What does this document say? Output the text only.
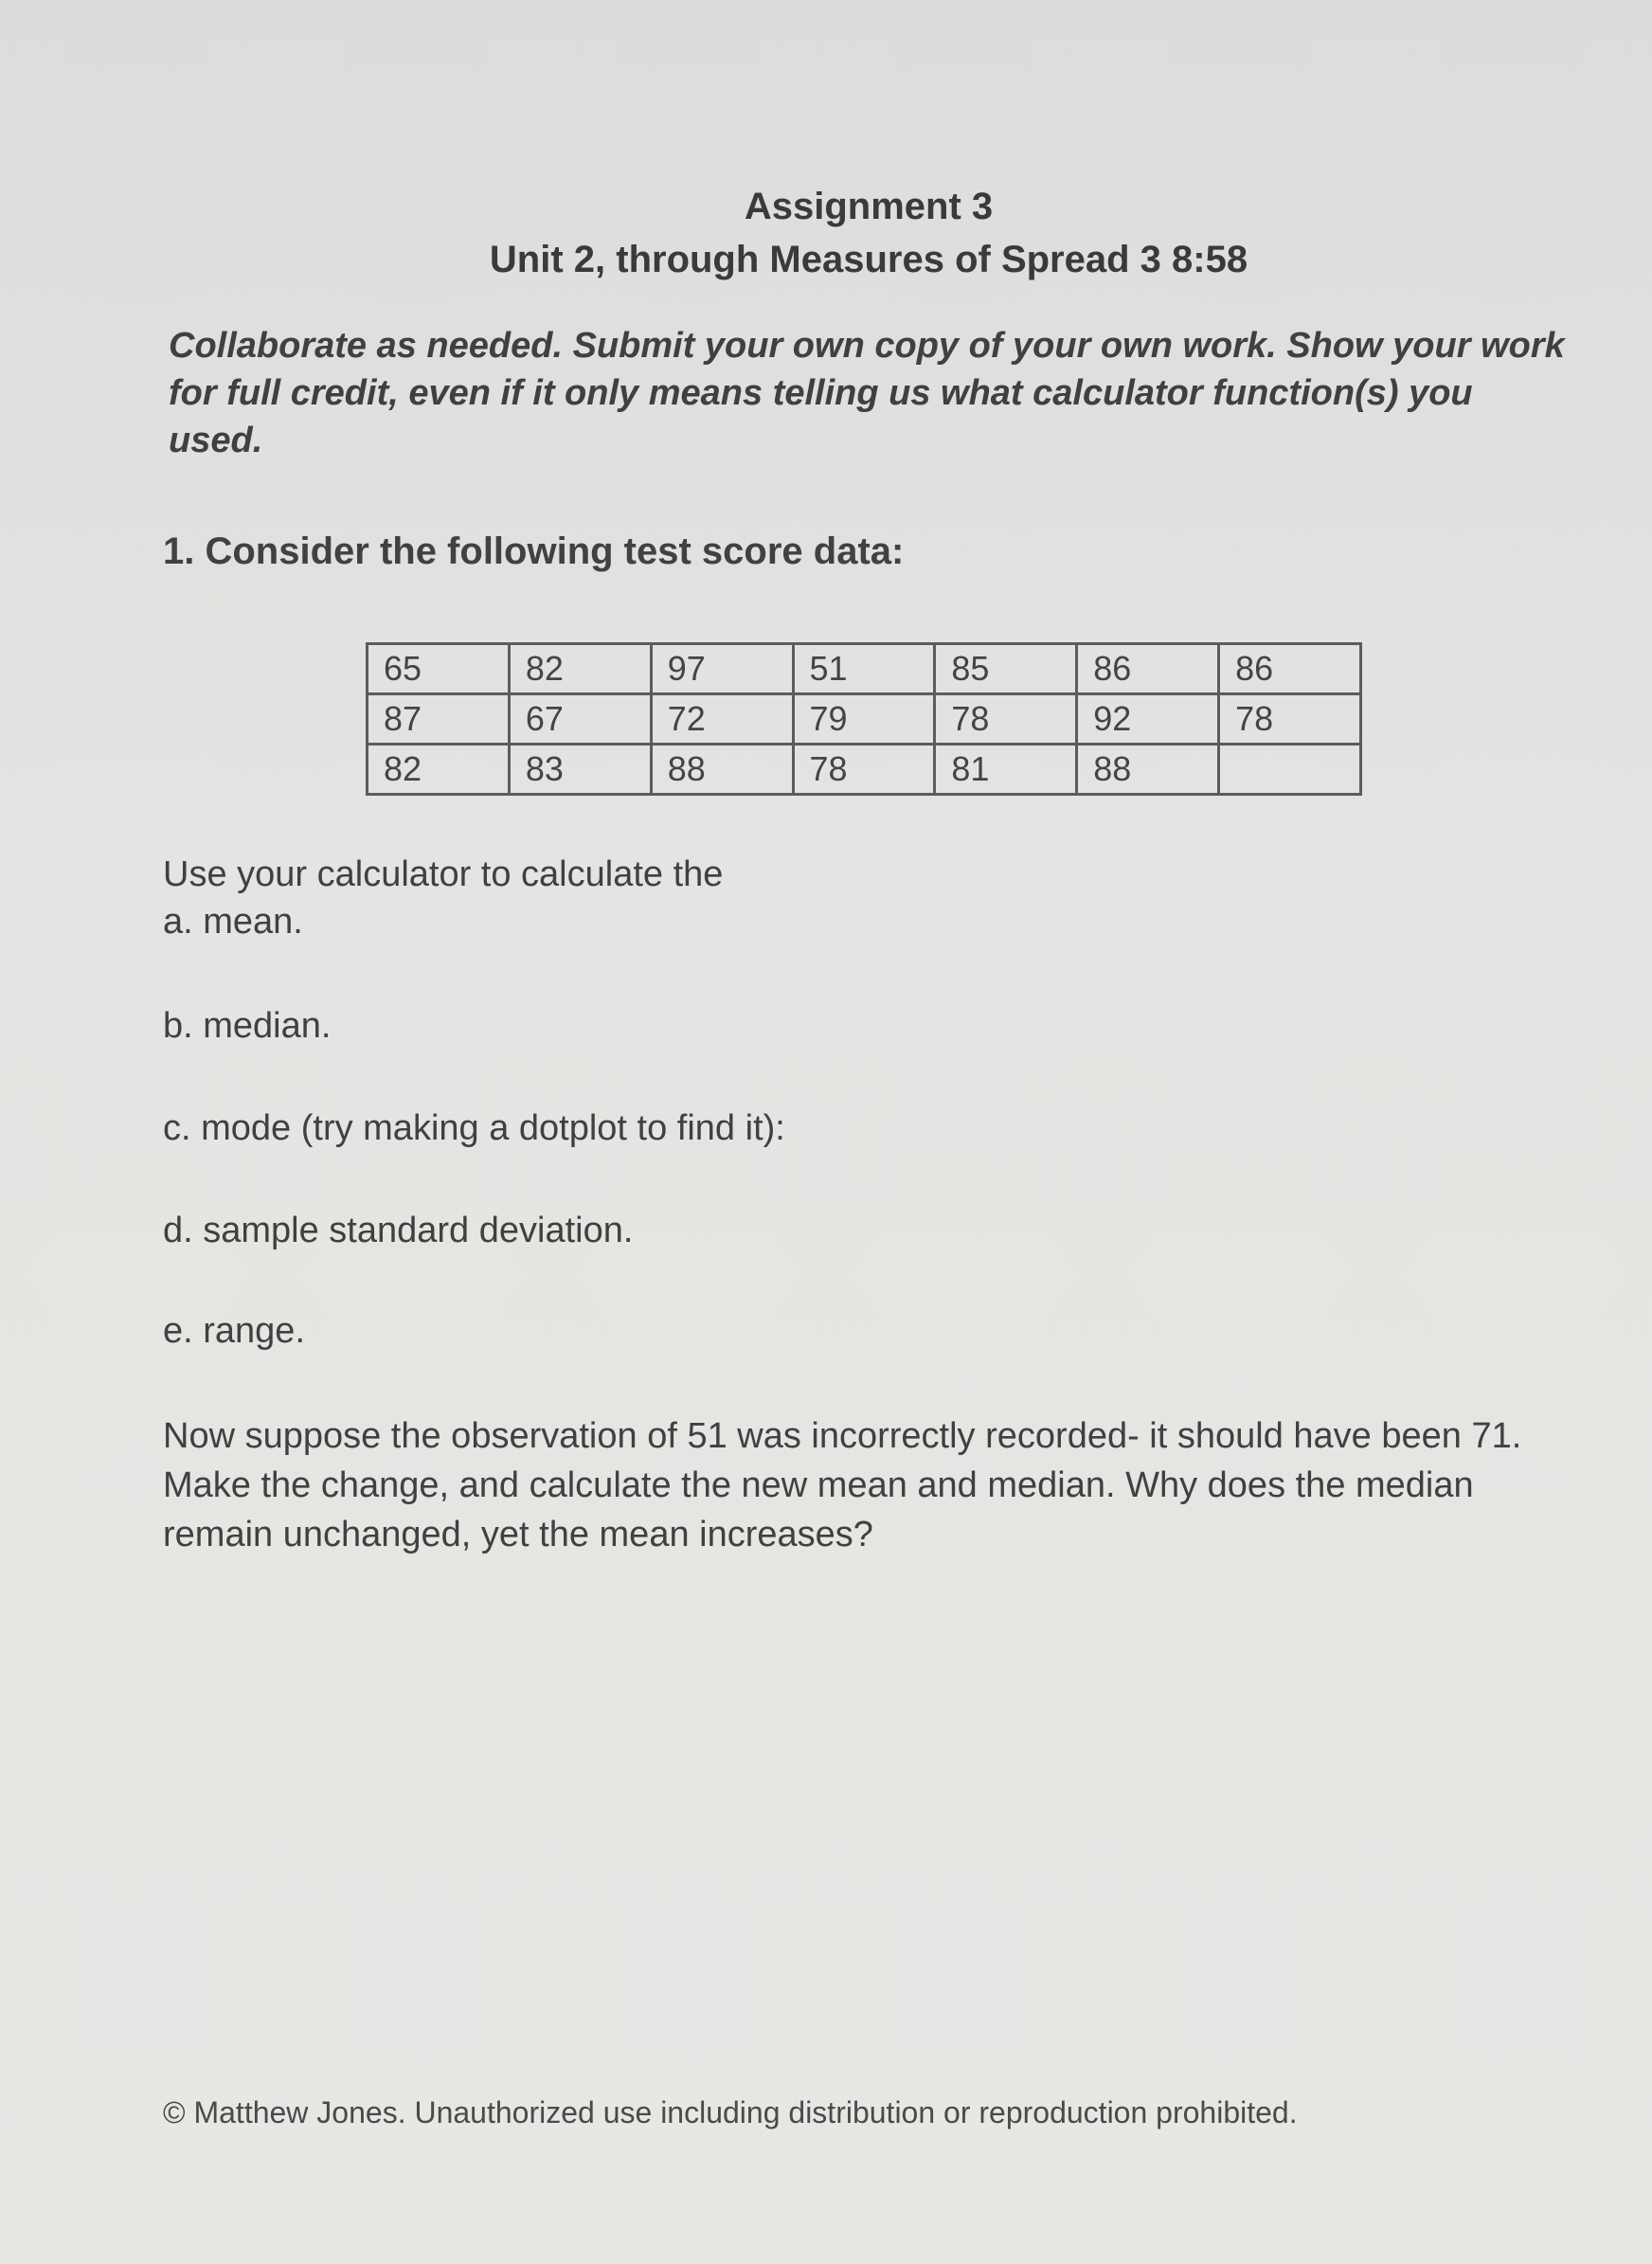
Assignment 3
Unit 2, through Measures of Spread 3 8:58
Collaborate as needed. Submit your own copy of your own work. Show your work for full credit, even if it only means telling us what calculator function(s) you used.
1. Consider the following test score data:
65	82	97	51	85	86	86
87	67	72	79	78	92	78
82	83	88	78	81	88	
Use your calculator to calculate the
a. mean.
b. median.
c. mode (try making a dotplot to find it):
d. sample standard deviation.
e. range.
Now suppose the observation of 51 was incorrectly recorded- it should have been 71. Make the change, and calculate the new mean and median. Why does the median remain unchanged, yet the mean increases?
© Matthew Jones. Unauthorized use including distribution or reproduction prohibited.
